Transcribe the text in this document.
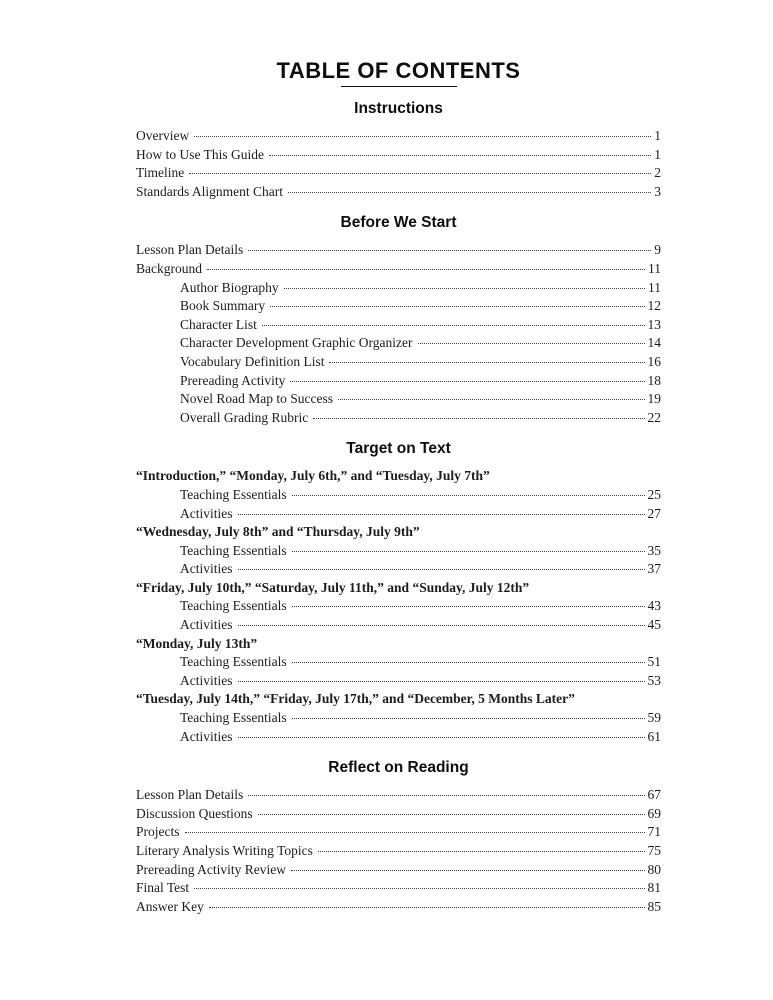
TABLE OF CONTENTS
Instructions
Overview	1
How to Use This Guide	1
Timeline	2
Standards Alignment Chart	3
Before We Start
Lesson Plan Details	9
Background	11
Author Biography	11
Book Summary	12
Character List	13
Character Development Graphic Organizer	14
Vocabulary Definition List	16
Prereading Activity	18
Novel Road Map to Success	19
Overall Grading Rubric	22
Target on Text
“Introduction,” “Monday, July 6th,” and “Tuesday, July 7th”
Teaching Essentials	25
Activities	27
“Wednesday, July 8th” and “Thursday, July 9th”
Teaching Essentials	35
Activities	37
“Friday, July 10th,” “Saturday, July 11th,” and “Sunday, July 12th”
Teaching Essentials	43
Activities	45
“Monday, July 13th”
Teaching Essentials	51
Activities	53
“Tuesday, July 14th,” “Friday, July 17th,” and “December, 5 Months Later”
Teaching Essentials	59
Activities	61
Reflect on Reading
Lesson Plan Details	67
Discussion Questions	69
Projects	71
Literary Analysis Writing Topics	75
Prereading Activity Review	80
Final Test	81
Answer Key	85
